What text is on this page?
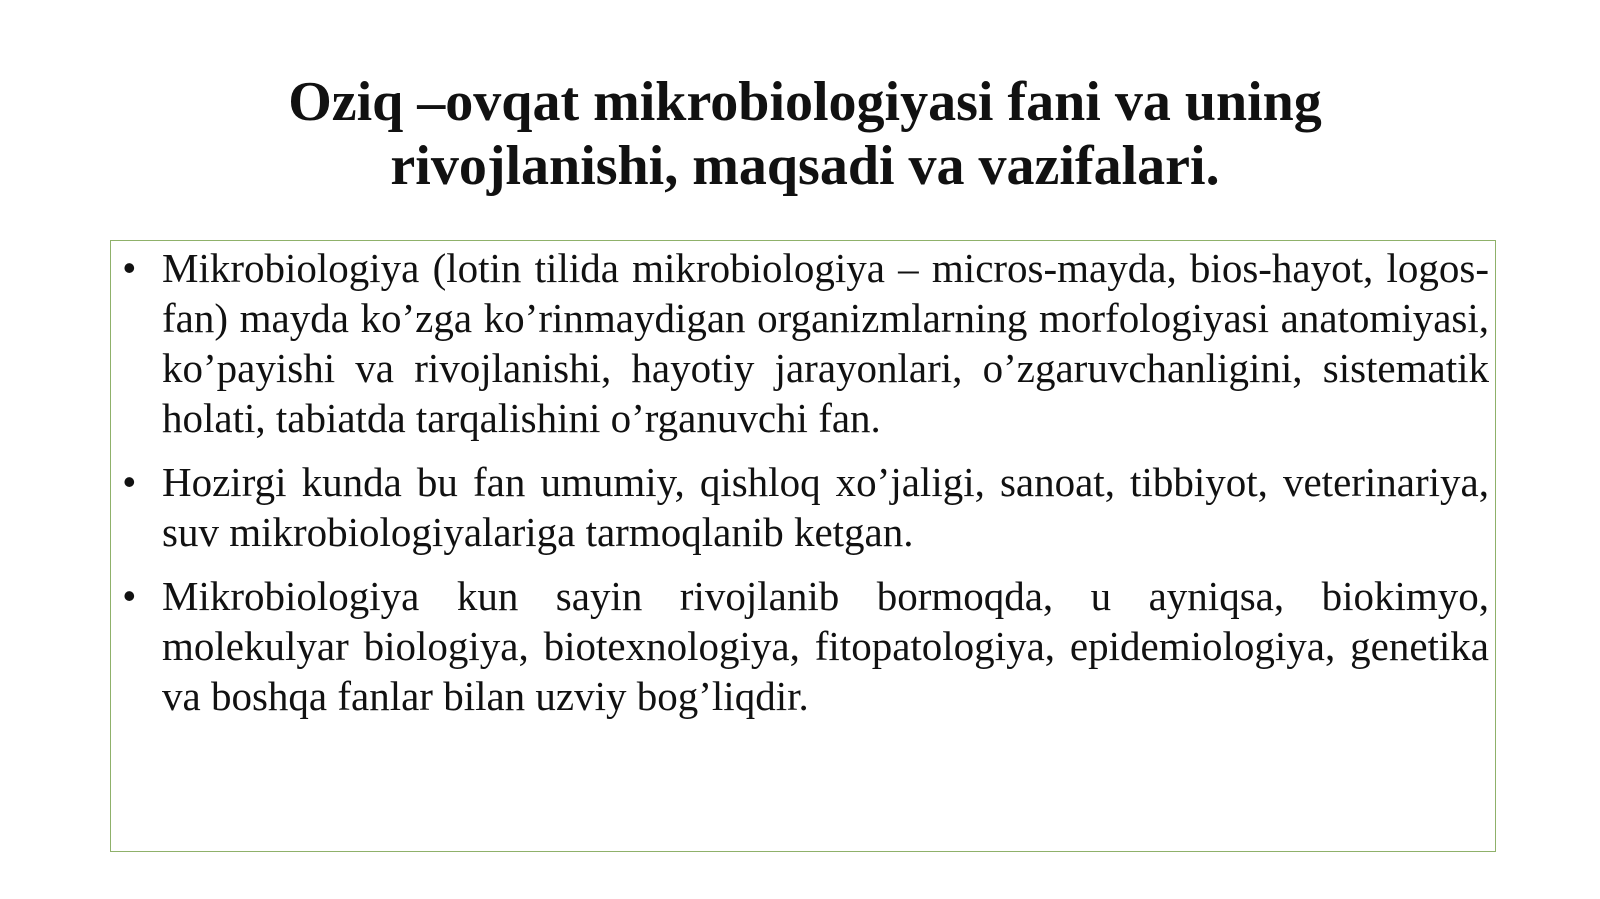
Oziq –ovqat mikrobiologiyasi fani va uning
rivojlanishi, maqsadi va vazifalari.
• Mikrobiologiya (lotin tilida mikrobiologiya – micros-mayda, bios-hayot, logos-fan) mayda ko’zga ko’rinmaydigan organizmlarning morfologiyasi anatomiyasi, ko’payishi va rivojlanishi, hayotiy jarayonlari, o’zgaruvchanligini, sistematik holati, tabiatda tarqalishini o’rganuvchi fan.
• Hozirgi kunda bu fan umumiy, qishloq xo’jaligi, sanoat, tibbiyot, veterinariya, suv mikrobiologiyalariga tarmoqlanib ketgan.
• Mikrobiologiya kun sayin rivojlanib bormoqda, u ayniqsa, biokimyo, molekulyar biologiya, biotexnologiya, fitopatologiya, epidemiologiya, genetika va boshqa fanlar bilan uzviy bog’liqdir.
